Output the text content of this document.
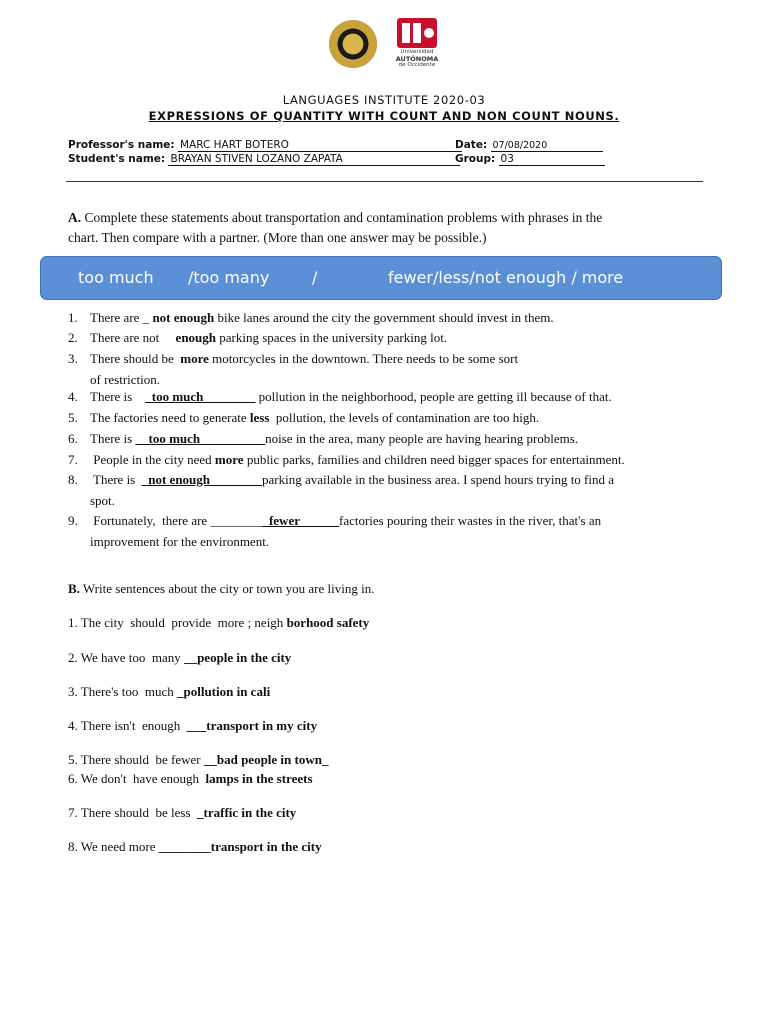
Universidad
AUTÓNOMA
de Occidente
LANGUAGES INSTITUTE 2020-03
EXPRESSIONS OF QUANTITY WITH COUNT AND NON COUNT NOUNS.
Professor's name: MARC HART BOTERO	Date: 07/08/2020
Student's name: BRAYAN STIVEN LOZANO ZAPATA	Group: 03
A. Complete these statements about transportation and contamination problems with phrases in the
chart. Then compare with a partner. (More than one answer may be possible.)
too much /too many	/	fewer/less/not enough / more
1. There are _ not enough bike lanes around the city the government should invest in them.
2. There are not     enough parking spaces in the university parking lot.
3. There should be  more motorcycles in the downtown. There needs to be some sort
of restriction.
4. There is    _too much________ pollution in the neighborhood, people are getting ill because of that.
5. The factories need to generate less  pollution, the levels of contamination are too high.
6. There is __too much__________noise in the area, many people are having hearing problems.
7. People in the city need more public parks, families and children need bigger spaces for entertainment.
8. There is  _not enough________parking available in the business area. I spend hours trying to find a
spot.
9. Fortunately,  there are _________fewer______factories pouring their wastes in the river, that's an
improvement for the environment.
B. Write sentences about the city or town you are living in.
1. The city  should  provide  more ; neigh borhood safety
2. We have too  many __people in the city
3. There's too  much _pollution in cali
4. There isn't  enough  ___transport in my city
5. There should  be fewer __bad people in town_
6. We don't  have enough  lamps in the streets
7. There should  be less  _traffic in the city
8. We need more ________transport in the city
